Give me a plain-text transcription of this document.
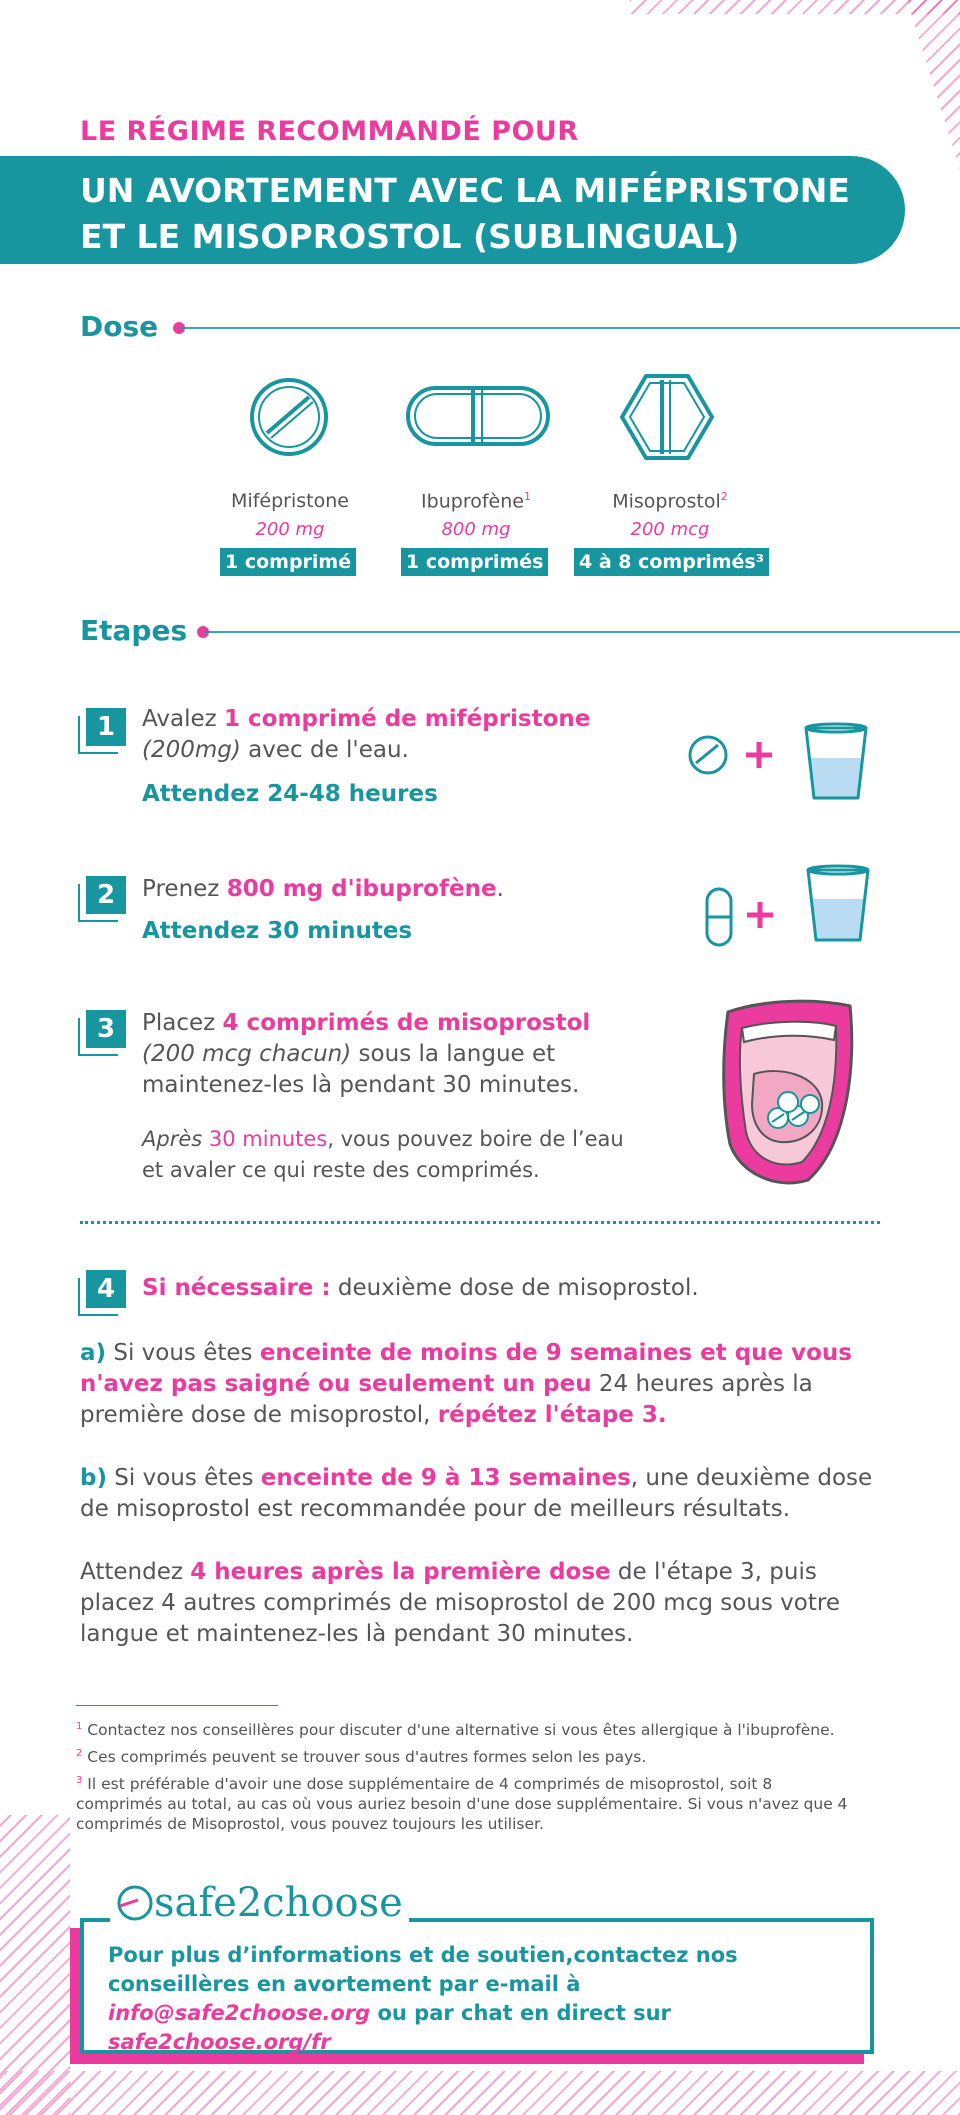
LE RÉGIME RECOMMANDÉ POUR
UN AVORTEMENT AVEC LA MIFÉPRISTONE
ET LE MISOPROSTOL (SUBLINGUAL)
Dose
Mifépristone
200 mg
1 comprimé
Ibuprofène$^1$
800 mg
1 comprimés
Misoprostol$^2$
200 mcg
4 à 8 comprimés³
Etapes
1	Avalez 1 comprimé de mifépristone
(200mg) avec de l'eau.
Attendez 24-48 heures
2	Prenez 800 mg d'ibuprofène.
Attendez 30 minutes
3	Placez 4 comprimés de misoprostol
(200 mcg chacun) sous la langue et
maintenez-les là pendant 30 minutes.
Après 30 minutes, vous pouvez boire de l’eau
et avaler ce qui reste des comprimés.
4	Si nécessaire : deuxième dose de misoprostol.
a) Si vous êtes enceinte de moins de 9 semaines et que vous n'avez pas saigné ou seulement un peu 24 heures après la première dose de misoprostol, répétez l'étape 3.
b) Si vous êtes enceinte de 9 à 13 semaines, une deuxième dose de misoprostol est recommandée pour de meilleurs résultats.
Attendez 4 heures après la première dose de l'étape 3, puis placez 4 autres comprimés de misoprostol de 200 mcg sous votre langue et maintenez-les là pendant 30 minutes.
$^1$ Contactez nos conseillères pour discuter d'une alternative si vous êtes allergique à l'ibuprofène.
$^2$ Ces comprimés peuvent se trouver sous d'autres formes selon les pays.
$^3$ Il est préférable d'avoir une dose supplémentaire de 4 comprimés de misoprostol, soit 8 comprimés au total, au cas où vous auriez besoin d'une dose supplémentaire. Si vous n'avez que 4 comprimés de Misoprostol, vous pouvez toujours les utiliser.
safe2choose
Pour plus d’informations et de soutien,contactez nos conseillères en avortement par e-mail à info@safe2choose.org ou par chat en direct sur safe2choose.org/fr
